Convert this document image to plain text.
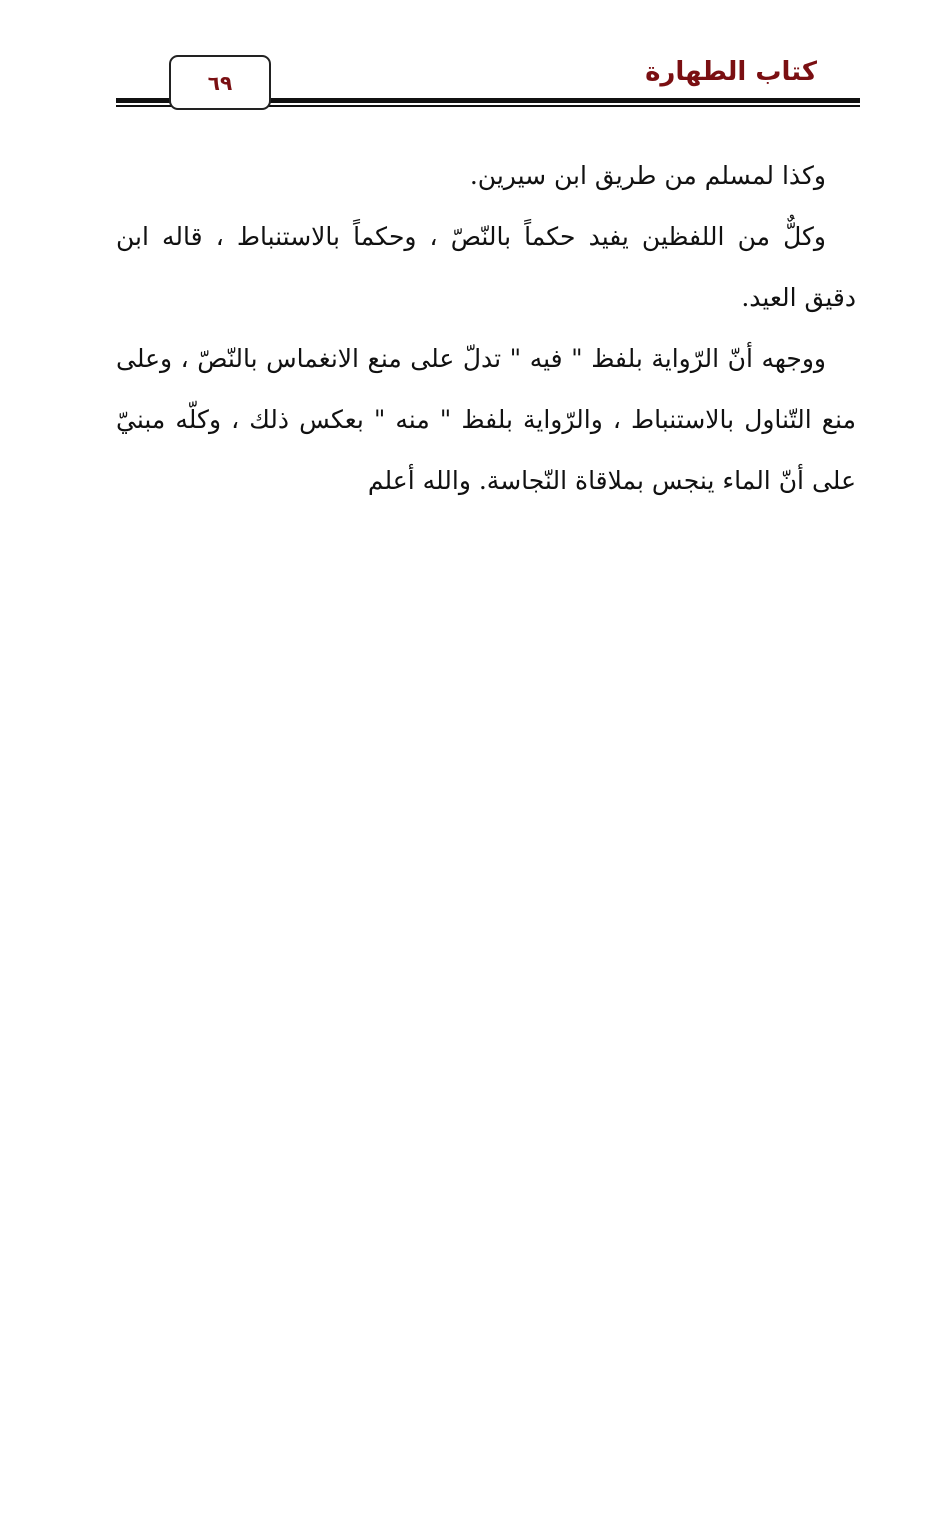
كتاب الطهارة
٦٩

وكذا لمسلم من طريق ابن سيرين.

وكلٌّ من اللفظين يفيد حكماً بالنّصّ ، وحكماً بالاستنباط ، قاله ابن دقيق العيد.

ووجهه أنّ الرّواية بلفظ " فيه " تدلّ على منع الانغماس بالنّصّ ، وعلى منع التّناول بالاستنباط ، والرّواية بلفظ " منه " بعكس ذلك ، وكلّه مبنيّ على أنّ الماء ينجس بملاقاة النّجاسة. والله أعلم
